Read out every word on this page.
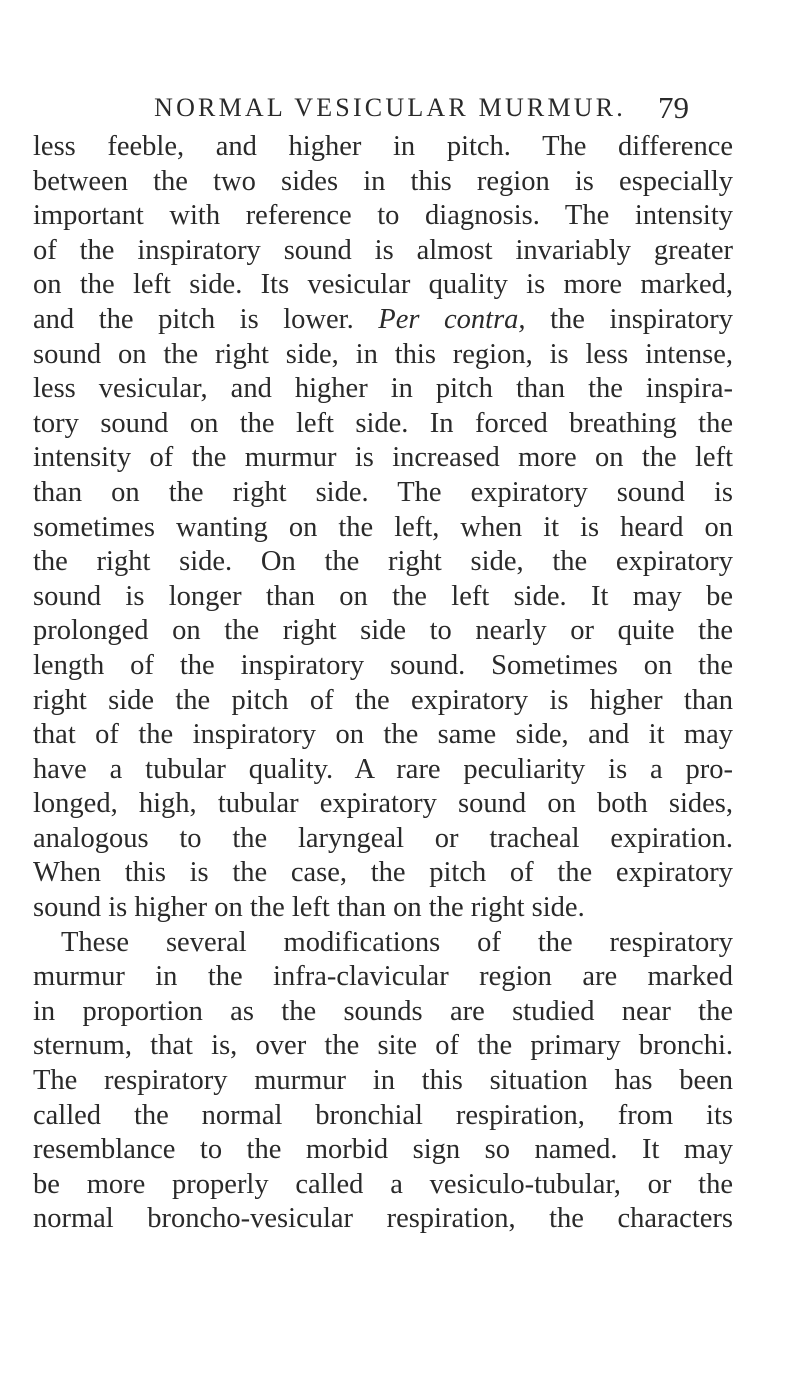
NORMAL VESICULAR MURMUR. 79
less feeble, and higher in pitch. The difference
between the two sides in this region is especially
important with reference to diagnosis. The intensity
of the inspiratory sound is almost invariably greater
on the left side. Its vesicular quality is more marked,
and the pitch is lower. Per contra, the inspiratory
sound on the right side, in this region, is less intense,
less vesicular, and higher in pitch than the inspira-
tory sound on the left side. In forced breathing the
intensity of the murmur is increased more on the left
than on the right side. The expiratory sound is
sometimes wanting on the left, when it is heard on
the right side. On the right side, the expiratory
sound is longer than on the left side. It may be
prolonged on the right side to nearly or quite the
length of the inspiratory sound. Sometimes on the
right side the pitch of the expiratory is higher than
that of the inspiratory on the same side, and it may
have a tubular quality. A rare peculiarity is a pro-
longed, high, tubular expiratory sound on both sides,
analogous to the laryngeal or tracheal expiration.
When this is the case, the pitch of the expiratory
sound is higher on the left than on the right side.
These several modifications of the respiratory
murmur in the infra-clavicular region are marked
in proportion as the sounds are studied near the
sternum, that is, over the site of the primary bronchi.
The respiratory murmur in this situation has been
called the normal bronchial respiration, from its
resemblance to the morbid sign so named. It may
be more properly called a vesiculo-tubular, or the
normal broncho-vesicular respiration, the characters
